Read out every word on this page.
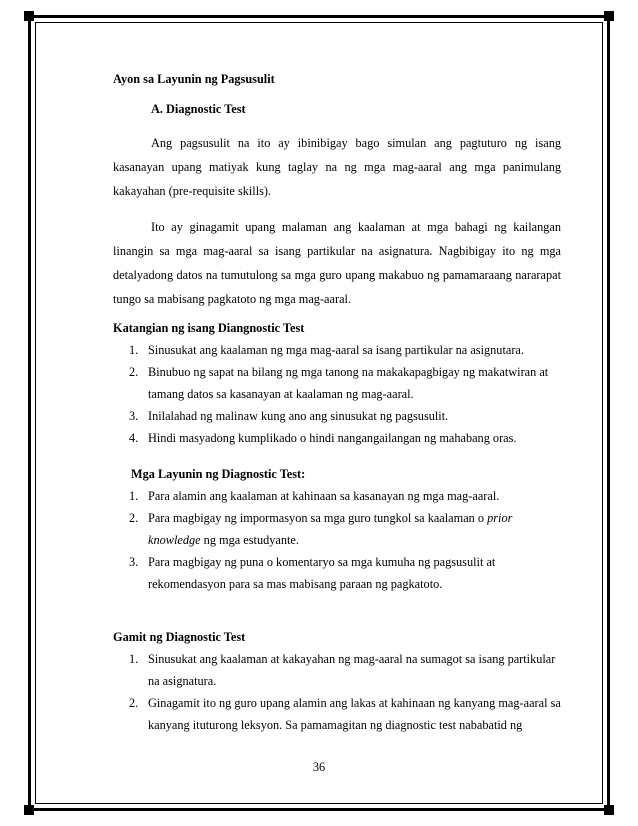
Ayon sa Layunin ng Pagsusulit

A. Diagnostic Test

Ang pagsusulit na ito ay ibinibigay bago simulan ang pagtuturo ng isang kasanayan upang matiyak kung taglay na ng mga mag-aaral ang mga panimulang kakayahan (pre-requisite skills).

Ito ay ginagamit upang malaman ang kaalaman at mga bahagi ng kailangan linangin sa mga mag-aaral sa isang partikular na asignatura. Nagbibigay ito ng mga detalyadong datos na tumutulong sa mga guro upang makabuo ng pamamaraang nararapat tungo sa mabisang pagkatoto ng mga mag-aaral.

Katangian ng isang Diangnostic Test

1. Sinusukat ang kaalaman ng mga mag-aaral sa isang partikular na asignutara.
2. Binubuo ng sapat na bilang ng mga tanong na makakapagbigay ng makatwiran at tamang datos sa kasanayan at kaalaman ng mag-aaral.
3. Inilalahad ng malinaw kung ano ang sinusukat ng pagsusulit.
4. Hindi masyadong kumplikado o hindi nangangailangan ng mahabang oras.

Mga Layunin ng Diagnostic Test:

1. Para alamin ang kaalaman at kahinaan sa kasanayan ng mga mag-aaral.
2. Para magbigay ng impormasyon sa mga guro tungkol sa kaalaman o prior knowledge ng mga estudyante.
3. Para magbigay ng puna o komentaryo sa mga kumuha ng pagsusulit at rekomendasyon para sa mas mabisang paraan ng pagkatoto.

Gamit ng Diagnostic Test

1. Sinusukat ang kaalaman at kakayahan ng mag-aaral na sumagot sa isang partikular na asignatura.
2. Ginagamit ito ng guro upang alamin ang lakas at kahinaan ng kanyang mag-aaral sa kanyang ituturong leksyon. Sa pamamagitan ng diagnostic test nababatid ng
36
